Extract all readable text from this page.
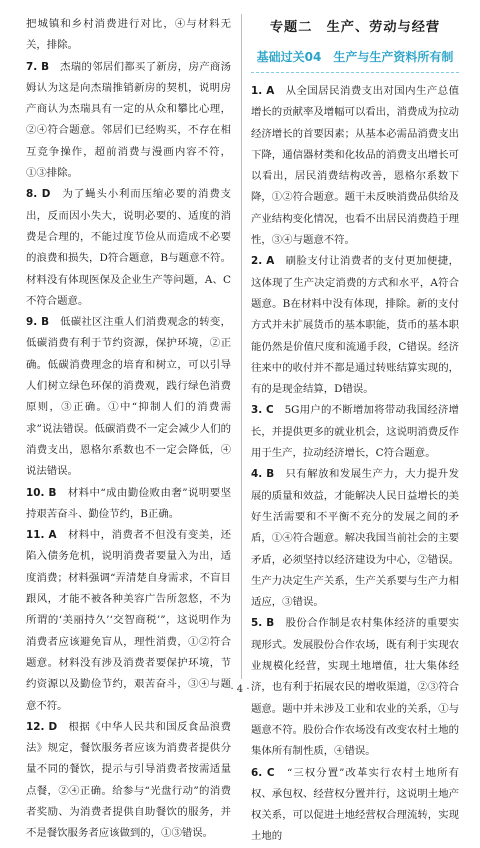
把城镇和乡村消费进行对比，④与材料无关，排除。

7. B　 杰瑞的邻居们都买了新房，房产商汤姆认为这是向杰瑞推销新房的契机，说明房产商认为杰瑞具有一定的从众和攀比心理，②④符合题意。邻居们已经购买，不存在相互竞争操作，超前消费与漫画内容不符，①③排除。

8. D　 为了蝇头小利而压缩必要的消费支出，反而因小失大，说明必要的、适度的消费是合理的，不能过度节俭从而造成不必要的浪费和损失，D符合题意，B与题意不符。材料没有体现医保及企业生产等问题，A、C不符合题意。

9. B　 低碳社区注重人们消费观念的转变，低碳消费有利于节约资源，保护环境，②正确。低碳消费理念的培育和树立，可以引导人们树立绿色环保的消费观，践行绿色消费原则，③正确。①中“抑制人们的消费需求”说法错误。低碳消费不一定会减少人们的消费支出，恩格尔系数也不一定会降低，④说法错误。

10. B　 材料中“成由勤俭败由奢”说明要坚持艰苦奋斗、勤俭节约，B正确。

11. A　 材料中，消费者不但没有变美，还陷入债务危机，说明消费者要量入为出，适度消费；材料强调“弄清楚自身需求，不盲目跟风，才能不被各种美容广告所忽悠，不为所谓的‘美丽持久’‘交智商税’”，这说明作为消费者应该避免盲从，理性消费，①②符合题意。材料没有涉及消费者要保护环境，节约资源以及勤俭节约，艰苦奋斗，③④与题意不符。

12. D　 根据《中华人民共和国反食品浪费法》规定，餐饮服务者应该为消费者提供分量不同的餐饮，提示与引导消费者按需适量点餐，②④正确。给参与“光盘行动”的消费者奖励、为消费者提供自助餐饮的服务，并不是餐饮服务者应该做到的，①③错误。

专题二　生产、劳动与经营
基础过关04　生产与生产资料所有制

1. A　 从全国居民消费支出对国内生产总值增长的贡献率及增幅可以看出，消费成为拉动经济增长的首要因素；从基本必需品消费支出下降，通信器材类和化妆品的消费支出增长可以看出，居民消费结构改善，恩格尔系数下降，①②符合题意。题干未反映消费品供给及产业结构变化情况，也看不出居民消费趋于理性，③④与题意不符。

2. A　 刷脸支付让消费者的支付更加便捷，这体现了生产决定消费的方式和水平，A符合题意。B在材料中没有体现，排除。新的支付方式并未扩展货币的基本职能，货币的基本职能仍然是价值尺度和流通手段，C错误。经济往来中的收付并不都是通过转账结算实现的，有的是现金结算，D错误。

3. C　 5G用户的不断增加将带动我国经济增长，并提供更多的就业机会，这说明消费反作用于生产，拉动经济增长，C符合题意。

4. B　 只有解放和发展生产力，大力提升发展的质量和效益，才能解决人民日益增长的美好生活需要和不平衡不充分的发展之间的矛盾，①④符合题意。解决我国当前社会的主要矛盾，必须坚持以经济建设为中心，②错误。生产力决定生产关系，生产关系要与生产力相适应，③错误。

5. B　 股份合作制是农村集体经济的重要实现形式。发展股份合作农场，既有利于实现农业规模化经营，实现土地增值，壮大集体经济，也有利于拓展农民的增收渠道，②③符合题意。题中并未涉及工业和农业的关系，①与题意不符。股份合作农场没有改变农村土地的集体所有制性质，④错误。

6. C　 “三权分置”改革实行农村土地所有权、承包权、经营权分置并行，这说明土地产权关系，可以促进土地经营权合理流转，实现土地的

· 4 ·
